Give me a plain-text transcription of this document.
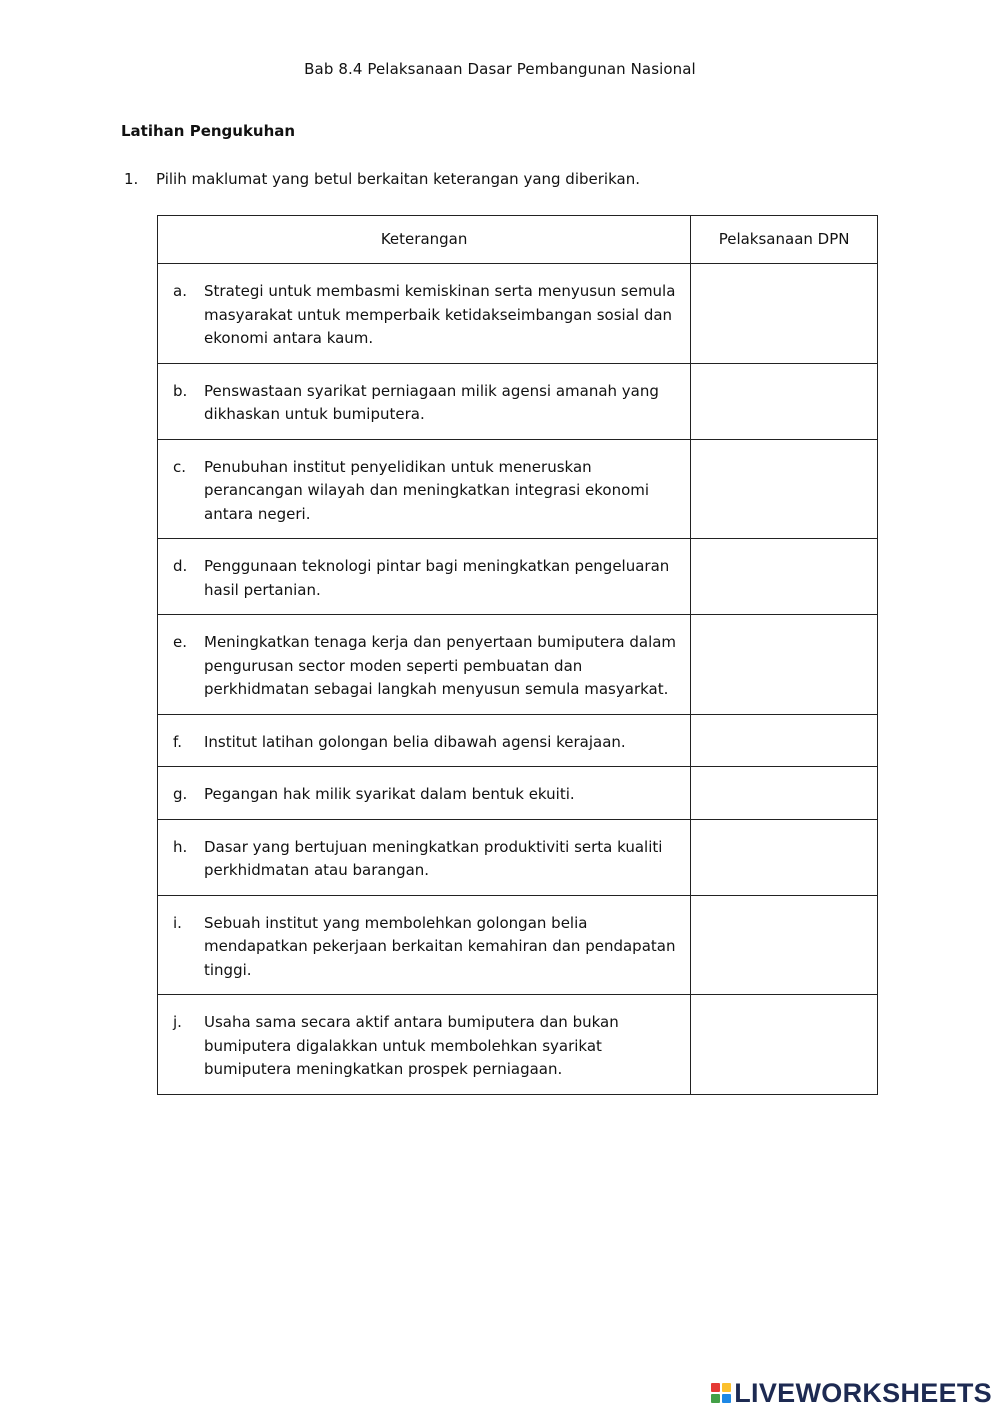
Bab 8.4 Pelaksanaan Dasar Pembangunan Nasional
Latihan Pengukuhan
1.	Pilih maklumat yang betul berkaitan keterangan yang diberikan.
Keterangan	Pelaksanaan DPN

a. Strategi untuk membasmi kemiskinan serta menyusun semula masyarakat untuk memperbaik ketidakseimbangan sosial dan ekonomi antara kaum.	

b. Penswastaan syarikat perniagaan milik agensi amanah yang dikhaskan untuk bumiputera.	

c. Penubuhan institut penyelidikan untuk meneruskan perancangan wilayah dan meningkatkan integrasi ekonomi antara negeri.	

d. Penggunaan teknologi pintar bagi meningkatkan pengeluaran hasil pertanian.	

e. Meningkatkan tenaga kerja dan penyertaan bumiputera dalam pengurusan sector moden seperti pembuatan dan perkhidmatan sebagai langkah menyusun semula masyarkat.	

f. Institut latihan golongan belia dibawah agensi kerajaan.	

g. Pegangan hak milik syarikat dalam bentuk ekuiti.	

h. Dasar yang bertujuan meningkatkan produktiviti serta kualiti perkhidmatan atau barangan.	

i. Sebuah institut yang membolehkan golongan belia mendapatkan pekerjaan berkaitan kemahiran dan pendapatan tinggi.	

j. Usaha sama secara aktif antara bumiputera dan bukan bumiputera digalakkan untuk membolehkan syarikat bumiputera meningkatkan prospek perniagaan.	

LIVEWORKSHEETS
